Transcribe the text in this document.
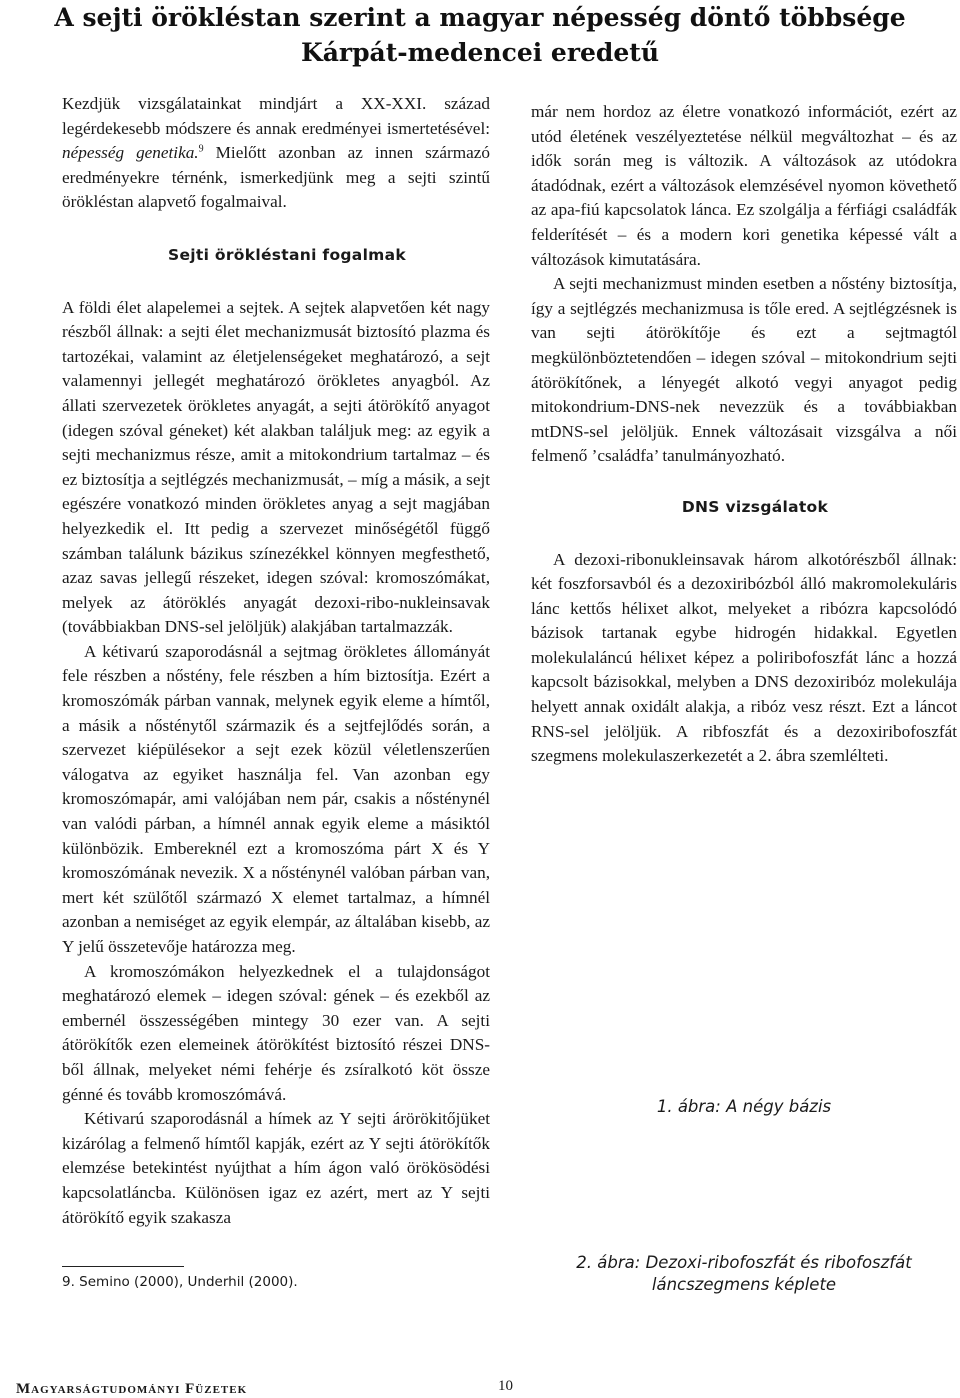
A sejti örökléstan szerint a magyar népesség döntő többsége
Kárpát-medencei eredetű

Kezdjük vizsgálatainkat mindjárt a XX-XXI. század legérdekesebb módszere és annak eredményei ismertetésével: népesség genetika.$^9$ Mielőtt azonban az innen származó eredményekre térnénk, ismerkedjünk meg a sejti szintű örökléstan alapvető fogalmaival.

Sejti örökléstani fogalmak

A földi élet alapelemei a sejtek. A sejtek alapvetően két nagy részből állnak: a sejti élet mechanizmusát biztosító plazma és tartozékai, valamint az életjelenségeket meghatározó, a sejt valamennyi jellegét meghatározó örökletes anyagból. Az állati szervezetek örökletes anyagát, a sejti átörökítő anyagot (idegen szóval géneket) két alakban találjuk meg: az egyik a sejti mechanizmus része, amit a mitokondrium tartalmaz – és ez biztosítja a sejtlégzés mechanizmusát, – míg a másik, a sejt egészére vonatkozó minden örökletes anyag a sejt magjában helyezkedik el. Itt pedig a szervezet minőségétől függő számban találunk bázikus színezékkel könnyen megfesthető, azaz savas jellegű részeket, idegen szóval: kromoszómákat, melyek az átöröklés anyagát dezoxi-ribo-nukleinsavak (továbbiakban DNS-sel jelöljük) alakjában tartalmazzák.

A kétivarú szaporodásnál a sejtmag örökletes állományát fele részben a nőstény, fele részben a hím biztosítja. Ezért a kromoszómák párban vannak, melynek egyik eleme a hímtől, a másik a nősténytől származik és a sejtfejlődés során, a szervezet kiépülésekor a sejt ezek közül véletlenszerűen válogatva az egyiket használja fel. Van azonban egy kromoszómapár, ami valójában nem pár, csakis a nősténynél van valódi párban, a hímnél annak egyik eleme a másiktól különbözik. Embereknél ezt a kromoszóma párt X és Y kromoszómának nevezik. X a nősténynél valóban párban van, mert két szülőtől származó X elemet tartalmaz, a hímnél azonban a nemiséget az egyik elempár, az általában kisebb, az Y jelű összetevője határozza meg.

A kromoszómákon helyezkednek el a tulajdonságot meghatározó elemek – idegen szóval: gének – és ezekből az embernél összességében mintegy 30 ezer van. A sejti átörökítők ezen elemeinek átörökítést biztosító részei DNS-ből állnak, melyeket némi fehérje és zsíralkotó köt össze génné és tovább kromoszómává.

Kétivarú szaporodásnál a hímek az Y sejti árörökitőjüket kizárólag a felmenő hímtől kapják, ezért az Y sejti átörökítők elemzése betekintést nyújthat a hím ágon való örökösödési kapcsolatláncba. Különösen igaz ez azért, mert az Y sejti átörökítő egyik szakasza

9. Semino (2000), Underhil (2000).

már nem hordoz az életre vonatkozó információt, ezért az utód életének veszélyeztetése nélkül megváltozhat – és az idők során meg is változik. A változások az utódokra átadódnak, ezért a változások elemzésével nyomon követhető az apa-fiú kapcsolatok lánca. Ez szolgálja a férfiági családfák felderítését – és a modern kori genetika képessé vált a változások kimutatására.

A sejti mechanizmust minden esetben a nőstény biztosítja, így a sejtlégzés mechanizmusa is tőle ered. A sejtlégzésnek is van sejti átörökítője és ezt a sejtmagtól megkülönböztetendően – idegen szóval – mitokondrium sejti átörökítőnek, a lényegét alkotó vegyi anyagot pedig mitokondrium-DNS-nek nevezzük és a továbbiakban mtDNS-sel jelöljük. Ennek változásait vizsgálva a női felmenő ’családfa’ tanulmányozható.

DNS vizsgálatok

A dezoxi-ribonukleinsavak három alkotórészből állnak: két foszforsavból és a dezoxiribózból álló makromolekuláris lánc kettős hélixet alkot, melyeket a ribózra kapcsolódó bázisok tartanak egybe hidrogén hidakkal. Egyetlen molekulaláncú hélixet képez a poliribofoszfát lánc a hozzá kapcsolt bázisokkal, melyben a DNS dezoxiribóz molekulája helyett annak oxidált alakja, a ribóz vesz részt. Ezt a láncot RNS-sel jelöljük. A ribfoszfát és a dezoxiribofoszfát szegmens molekulaszerkezetét a 2. ábra szemlélteti.

1. ábra: A négy bázis
2. ábra: Dezoxi-ribofoszfát és ribofoszfát láncszegmens képlete
Magyarságtudományi Füzetek	10
